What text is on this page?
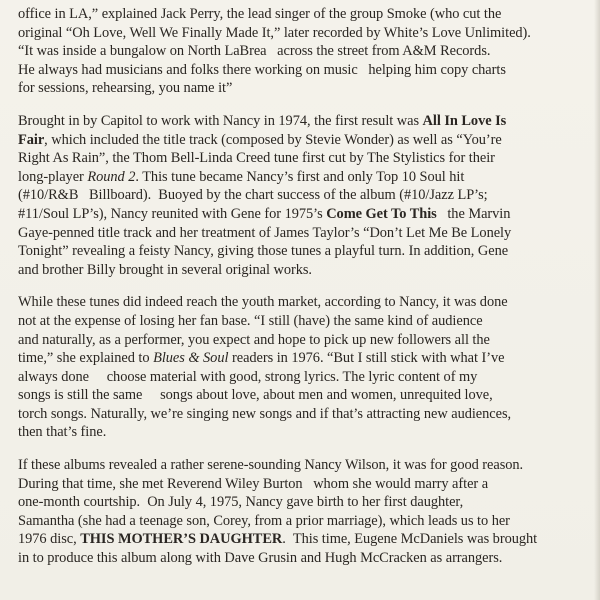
office in LA,” explained Jack Perry, the lead singer of the group Smoke (who cut the
original “Oh Love, Well We Finally Made It,” later recorded by White’s Love Unlimited).
“It was inside a bungalow on North LaBrea   across the street from A&M Records.
He always had musicians and folks there working on music   helping him copy charts
for sessions, rehearsing, you name it”

Brought in by Capitol to work with Nancy in 1974, the first result was All In Love Is
Fair, which included the title track (composed by Stevie Wonder) as well as “You’re
Right As Rain”, the Thom Bell-Linda Creed tune first cut by The Stylistics for their
long-player Round 2. This tune became Nancy’s first and only Top 10 Soul hit
(#10/R&B   Billboard).  Buoyed by the chart success of the album (#10/Jazz LP’s;
#11/Soul LP’s), Nancy reunited with Gene for 1975’s Come Get To This   the Marvin
Gaye-penned title track and her treatment of James Taylor’s “Don’t Let Me Be Lonely
Tonight” revealing a feisty Nancy, giving those tunes a playful turn. In addition, Gene
and brother Billy brought in several original works.

While these tunes did indeed reach the youth market, according to Nancy, it was done
not at the expense of losing her fan base. “I still (have) the same kind of audience
and naturally, as a performer, you expect and hope to pick up new followers all the
time,” she explained to Blues & Soul readers in 1976. “But I still stick with what I’ve
always done     choose material with good, strong lyrics. The lyric content of my
songs is still the same     songs about love, about men and women, unrequited love,
torch songs. Naturally, we’re singing new songs and if that’s attracting new audiences,
then that’s fine.

If these albums revealed a rather serene-sounding Nancy Wilson, it was for good reason.
During that time, she met Reverend Wiley Burton   whom she would marry after a
one-month courtship.  On July 4, 1975, Nancy gave birth to her first daughter,
Samantha (she had a teenage son, Corey, from a prior marriage), which leads us to her
1976 disc, THIS MOTHER’S DAUGHTER.  This time, Eugene McDaniels was brought
in to produce this album along with Dave Grusin and Hugh McCracken as arrangers.
